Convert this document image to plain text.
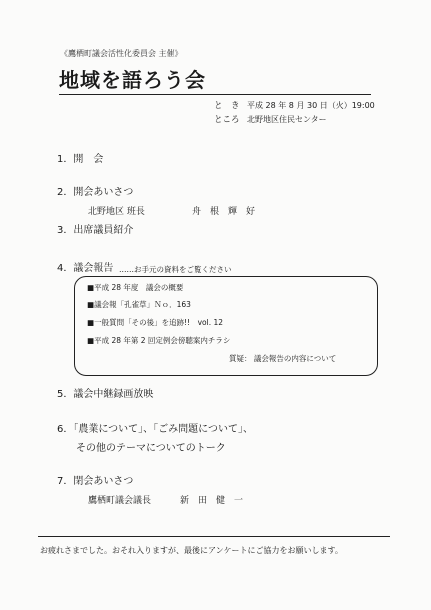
《鷹栖町議会活性化委員会 主催》
地域を語ろう会
と　き 平成 28 年 8 月 30 日（火）19:00
ところ 北野地区住民センター
1．開　会
2．開会あいさつ
北野地区 班長	舟　根　輝　好
3．出席議員紹介
4．議会報告 ……お手元の資料をご覧ください
■平成 28 年度　議会の概要
■議会報「孔雀草」Ｎｏ．163
■一般質問「その後」を追跡!!　vol. 12
■平成 28 年第 2 回定例会傍聴案内チラシ
質疑： 議会報告の内容について
5．議会中継録画放映
6．「農業について」、「ごみ問題について」、
その他のテーマについてのトーク
7．閉会あいさつ
鷹栖町議会議長	新　田　健　一
お疲れさまでした。おそれ入りますが、最後にアンケートにご協力をお願いします。
